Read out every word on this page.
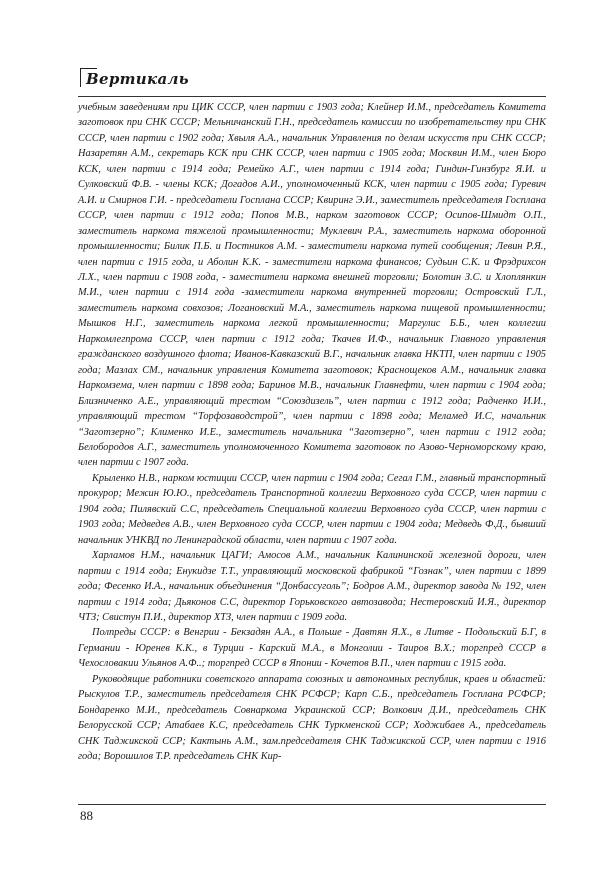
Вертикаль

учебным заведениям при ЦИК СССР, член партии с 1903 года; Клейнер И.М., председатель Комитета заготовок при СНК СССР; Мельничанский Г.Н., председатель комиссии по изобретательству при СНК СССР, член партии с 1902 года; Хвыля А.А., начальник Управления по делам искусств при СНК СССР; Назаретян А.М., секретарь КСК при СНК СССР, член партии с 1905 года; Москвин И.М., член Бюро КСК, член партии с 1914 года; Ремейко А.Г., член партии с 1914 года; Гиндин-Гинзбург Я.И. и Сулковский Ф.В. - члены КСК; Догадов А.И., уполномоченный КСК, член партии с 1905 года; Гуревич А.И. и Смирнов Г.И. - председатели Госплана СССР; Квиринг Э.И., заместитель председателя Госплана СССР, член партии с 1912 года; Попов М.В., нарком заготовок СССР; Осипов-Шмидт О.П., заместитель наркома тяжелой промышленности; Муклевич Р.А., заместитель наркома оборонной промышленности; Билик П.Б. и Постников А.М. - заместители наркома путей сообщения; Левин Р.Я., член партии с 1915 года, и Аболин К.К. - заместители наркома финансов; Судьин С.К. и Фрэдрихсон Л.Х., член партии с 1908 года, - заместители наркома внешней торговли; Болотин З.С. и Хлоплянкин М.И., член партии с 1914 года -заместители наркома внутренней торговли; Островский Г.Л., заместитель наркома совхозов; Логановский М.А., заместитель наркома пищевой промышленности; Мышков Н.Г., заместитель наркома легкой промышленности; Маргулис Б.Б., член коллегии Наркомлегпрома СССР, член партии с 1912 года; Ткачев И.Ф., начальник Главного управления гражданского воздушного флота; Иванов-Кавказский В.Г., начальник главка НКТП, член партии с 1905 года; Мазлах СМ., начальник управления Комитета заготовок; Краснощеков А.М., начальник главка Наркомзема, член партии с 1898 года; Баринов М.В., начальник Главнефти, член партии с 1904 года; Близниченко А.Е., управляющий трестом “Союздизель”, член партии с 1912 года; Радченко И.И., управляющий трестом “Торфозаводстрой”, член партии с 1898 года; Меламед И.С, начальник “Заготзерно”; Клименко И.Е., заместитель начальника “Заготзерно”, член партии с 1912 года; Белобородов А.Г., заместитель уполномоченного Комитета заготовок по Азово-Черноморскому краю, член партии с 1907 года.

Крыленко Н.В., нарком юстиции СССР, член партии с 1904 года; Сегал Г.М., главный транспортный прокурор; Межин Ю.Ю., председатель Транспортной коллегии Верховного суда СССР, член партии с 1904 года; Пилявский С.С, председатель Специальной коллегии Верховного суда СССР, член партии с 1903 года; Медведев А.В., член Верховного суда СССР, член партии с 1904 года; Медведь Ф.Д., бывший начальник УНКВД по Ленинградской области, член партии с 1907 года.

Харламов Н.М., начальник ЦАГИ; Амосов А.М., начальник Калининской железной дороги, член партии с 1914 года; Енукидзе Т.Т., управляющий московской фабрикой “Гознак”, член партии с 1899 года; Фесенко И.А., начальник объединения “Донбассуголь”; Бодров А.М., директор завода № 192, член партии с 1914 года; Дьяконов С.С, директор Горьковского автозавода; Нестеровский И.Я., директор ЧТЗ; Свистун П.И., директор ХТЗ, член партии с 1909 года.

Полпреды СССР: в Венгрии - Бекзадян А.А., в Польше - Давтян Я.Х., в Литве - Подольский Б.Г, в Германии - Юренев К.К., в Турции - Карский М.А., в Монголии - Таиров В.Х.; торгпред СССР в Чехословакии Ульянов А.Ф..; торгпред СССР в Японии - Кочетов В.П., член партии с 1915 года.

Руководящие работники советского аппарата союзных и автономных республик, краев и областей: Рыскулов Т.Р., заместитель председателя СНК РСФСР; Карп С.Б., председатель Госплана РСФСР; Бондаренко М.И., председатель Совнаркома Украинской ССР; Волкович Д.И., председатель СНК Белорусской ССР; Атабаев К.С, председатель СНК Туркменской ССР; Ходжибаев А., председатель СНК Таджикской ССР; Кактынь А.М., зам.председателя СНК Таджикской ССР, член партии с 1916 года; Ворошилов Т.Р. председатель СНК Кир-

88
